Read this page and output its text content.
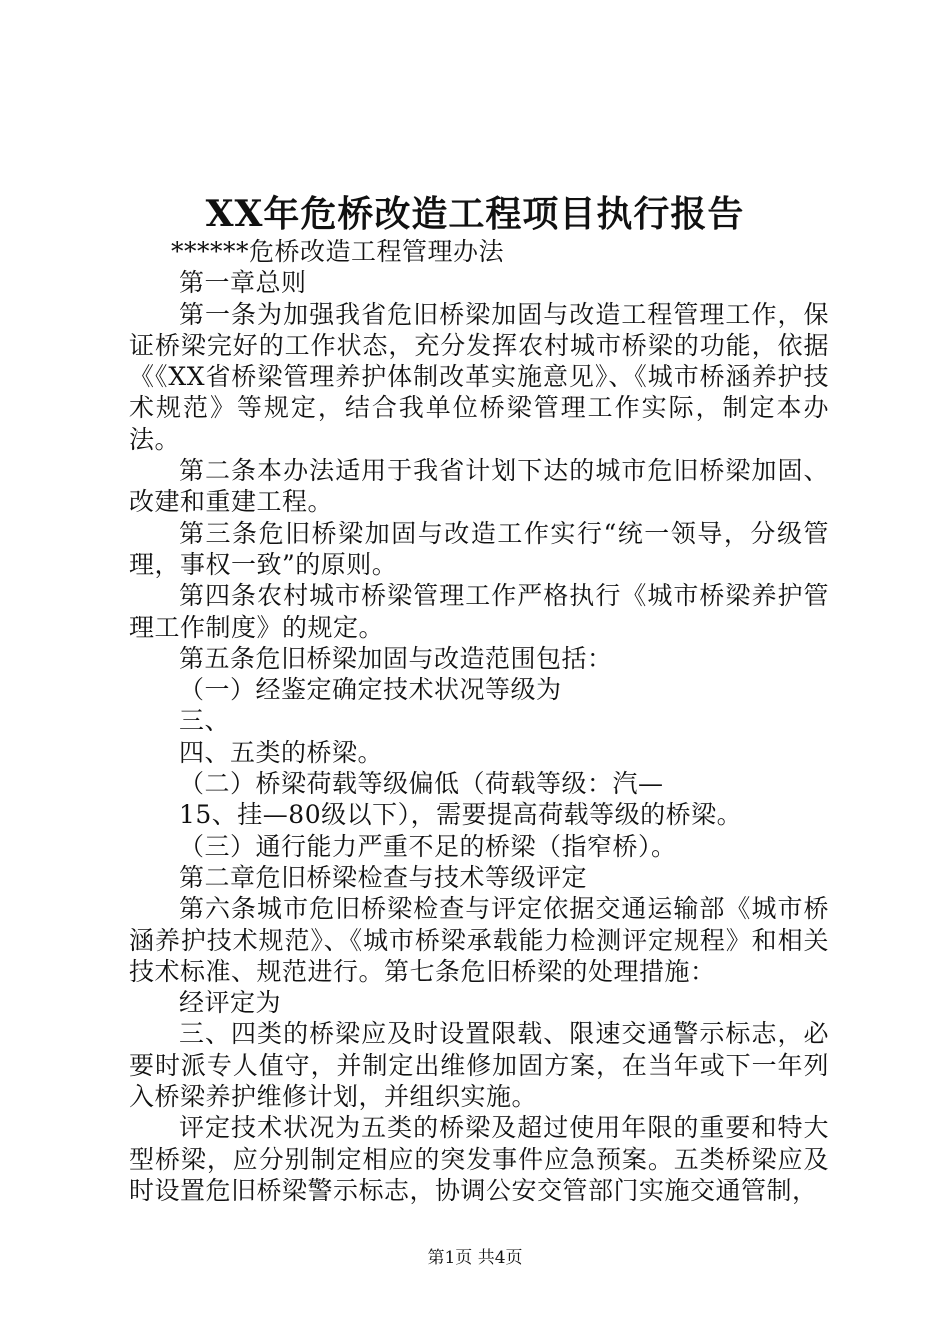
XX年危桥改造工程项目执行报告

******危桥改造工程管理办法

第一章总则

第一条为加强我省危旧桥梁加固与改造工程管理工作，保证桥梁完好的工作状态，充分发挥农村城市桥梁的功能，依据《《XX省桥梁管理养护体制改革实施意见》、《城市桥涵养护技术规范》等规定，结合我单位桥梁管理工作实际，制定本办法。

第二条本办法适用于我省计划下达的城市危旧桥梁加固、改建和重建工程。

第三条危旧桥梁加固与改造工作实行“统一领导，分级管理，事权一致”的原则。

第四条农村城市桥梁管理工作严格执行《城市桥梁养护管理工作制度》的规定。

第五条危旧桥梁加固与改造范围包括：

（一）经鉴定确定技术状况等级为

三、

四、五类的桥梁。

（二）桥梁荷载等级偏低（荷载等级：汽—

15、挂—80级以下），需要提高荷载等级的桥梁。

（三）通行能力严重不足的桥梁（指窄桥）。

第二章危旧桥梁检查与技术等级评定

第六条城市危旧桥梁检查与评定依据交通运输部《城市桥涵养护技术规范》、《城市桥梁承载能力检测评定规程》和相关技术标准、规范进行。第七条危旧桥梁的处理措施：

经评定为

三、四类的桥梁应及时设置限载、限速交通警示标志，必要时派专人值守，并制定出维修加固方案，在当年或下一年列入桥梁养护维修计划，并组织实施。

评定技术状况为五类的桥梁及超过使用年限的重要和特大型桥梁，应分别制定相应的突发事件应急预案。五类桥梁应及时设置危旧桥梁警示标志，协调公安交管部门实施交通管制，

第1页 共4页
